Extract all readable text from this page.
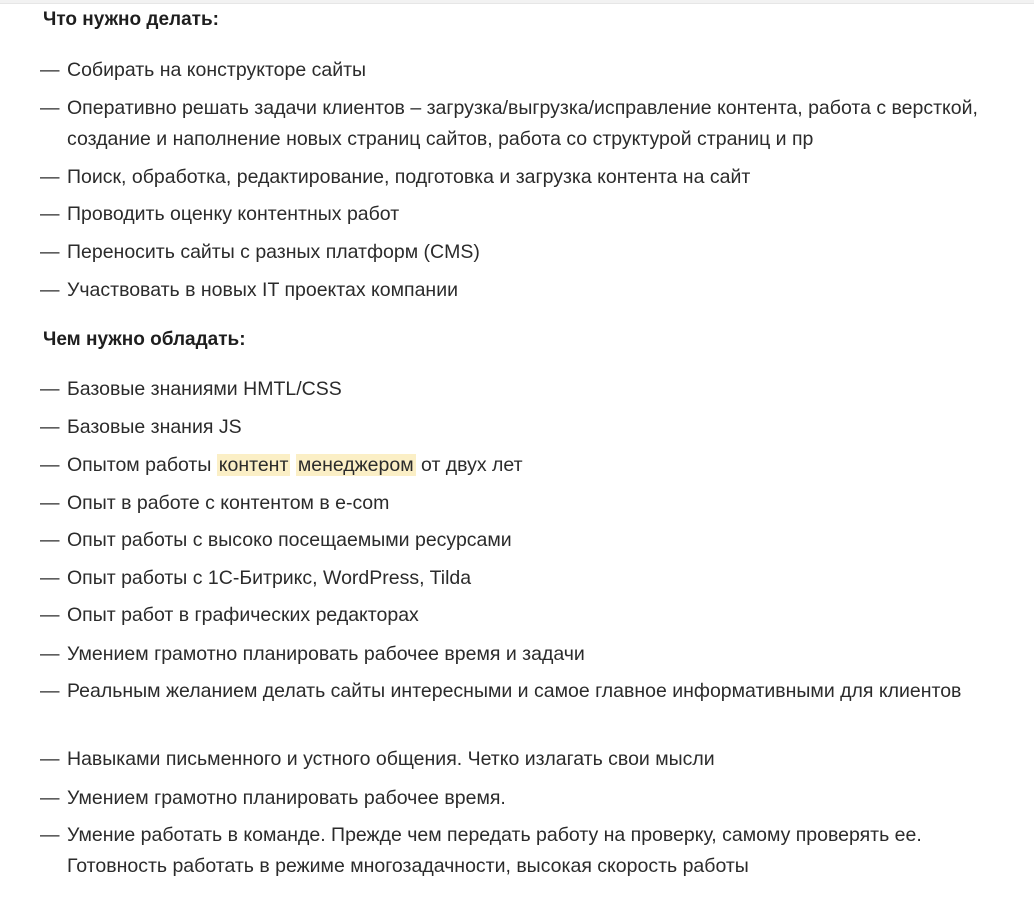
Что нужно делать:
— Собирать на конструкторе сайты
— Оперативно решать задачи клиентов – загрузка/выгрузка/исправление контента, работа с версткой, создание и наполнение новых страниц сайтов, работа со структурой страниц и пр
— Поиск, обработка, редактирование, подготовка и загрузка контента на сайт
— Проводить оценку контентных работ
— Переносить сайты с разных платформ (CMS)
— Участвовать в новых IT проектах компании
Чем нужно обладать:
— Базовые знаниями HMTL/CSS
— Базовые знания JS
— Опытом работы контент менеджером от двух лет
— Опыт в работе с контентом в e-com
— Опыт работы с высоко посещаемыми ресурсами
— Опыт работы с 1С-Битрикс, WordPress, Tilda
— Опыт работ в графических редакторах
— Умением грамотно планировать рабочее время и задачи
— Реальным желанием делать сайты интересными и самое главное информативными для клиентов
— Навыками письменного и устного общения. Четко излагать свои мысли
— Умением грамотно планировать рабочее время.
— Умение работать в команде. Прежде чем передать работу на проверку, самому проверять ее. Готовность работать в режиме многозадачности, высокая скорость работы
